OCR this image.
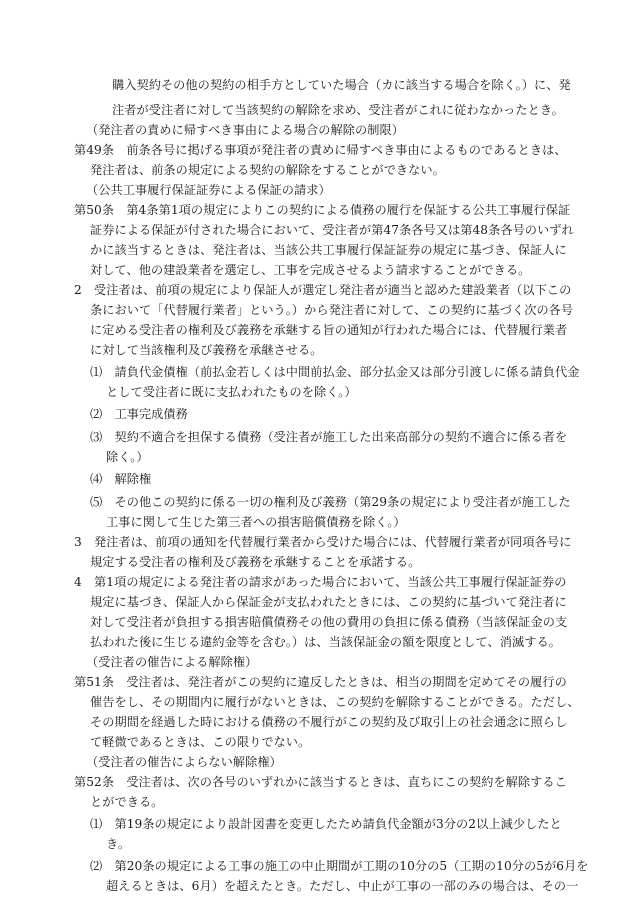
購入契約その他の契約の相手方としていた場合（カに該当する場合を除く。）に、発
注者が受注者に対して当該契約の解除を求め、受注者がこれに従わなかったとき。
（発注者の責めに帰すべき事由による場合の解除の制限）
第49条　前条各号に掲げる事項が発注者の責めに帰すべき事由によるものであるときは、
発注者は、前条の規定による契約の解除をすることができない。
（公共工事履行保証証券による保証の請求）
第50条　第4条第1項の規定によりこの契約による債務の履行を保証する公共工事履行保証
証券による保証が付された場合において、受注者が第47条各号又は第48条各号のいずれ
かに該当するときは、発注者は、当該公共工事履行保証証券の規定に基づき、保証人に
対して、他の建設業者を選定し、工事を完成させるよう請求することができる。
2　受注者は、前項の規定により保証人が選定し発注者が適当と認めた建設業者（以下この
条において「代替履行業者」という。）から発注者に対して、この契約に基づく次の各号
に定める受注者の権利及び義務を承継する旨の通知が行われた場合には、代替履行業者
に対して当該権利及び義務を承継させる。
⑴　請負代金債権（前払金若しくは中間前払金、部分払金又は部分引渡しに係る請負代金
として受注者に既に支払われたものを除く。）
⑵　工事完成債務
⑶　契約不適合を担保する債務（受注者が施工した出来高部分の契約不適合に係る者を
除く。）
⑷　解除権
⑸　その他この契約に係る一切の権利及び義務（第29条の規定により受注者が施工した
工事に関して生じた第三者への損害賠償債務を除く。）
3　発注者は、前項の通知を代替履行業者から受けた場合には、代替履行業者が同項各号に
規定する受注者の権利及び義務を承継することを承諾する。
4　第1項の規定による発注者の請求があった場合において、当該公共工事履行保証証券の
規定に基づき、保証人から保証金が支払われたときには、この契約に基づいて発注者に
対して受注者が負担する損害賠償債務その他の費用の負担に係る債務（当該保証金の支
払われた後に生じる違約金等を含む。）は、当該保証金の額を限度として、消滅する。
（受注者の催告による解除権）
第51条　受注者は、発注者がこの契約に違反したときは、相当の期間を定めてその履行の
催告をし、その期間内に履行がないときは、この契約を解除することができる。ただし、
その期間を経過した時における債務の不履行がこの契約及び取引上の社会通念に照らし
て軽微であるときは、この限りでない。
（受注者の催告によらない解除権）
第52条　受注者は、次の各号のいずれかに該当するときは、直ちにこの契約を解除するこ
とができる。
⑴　第19条の規定により設計図書を変更したため請負代金額が3分の2以上減少したと
き。
⑵　第20条の規定による工事の施工の中止期間が工期の10分の5（工期の10分の5が6月を
超えるときは、6月）を超えたとき。ただし、中止が工事の一部のみの場合は、その一
